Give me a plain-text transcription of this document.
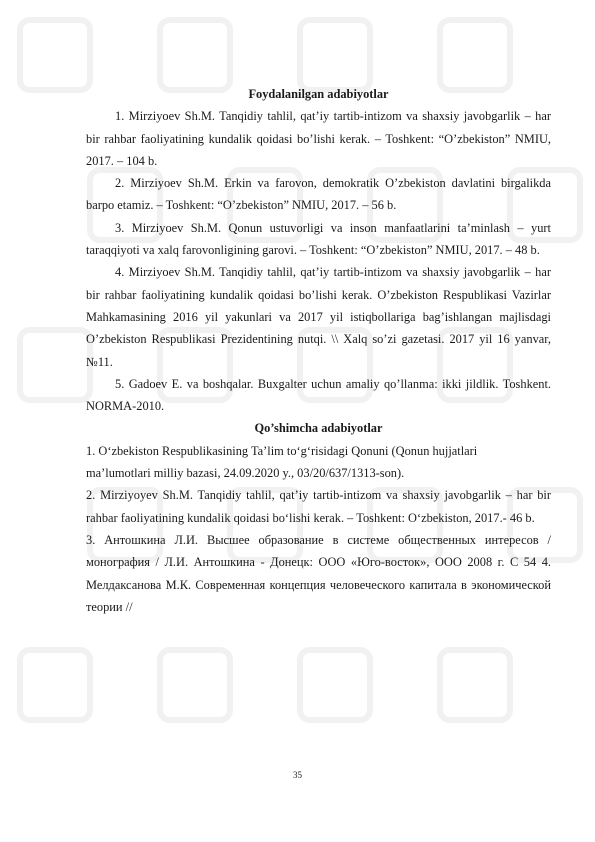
Foydalanilgan adabiyotlar

1. Mirziyoev Sh.M. Tanqidiy tahlil, qat’iy tartib-intizom va shaxsiy javobgarlik – har bir rahbar faoliyatining kundalik qoidasi bo’lishi kerak. – Toshkent: “O’zbekiston” NMIU, 2017. – 104 b.

2. Mirziyoev Sh.M. Erkin va farovon, demokratik O’zbekiston davlatini birgalikda barpo etamiz. – Toshkent: “O’zbekiston” NMIU, 2017. – 56 b.

3. Mirziyoev Sh.M. Qonun ustuvorligi va inson manfaatlarini ta’minlash – yurt taraqqiyoti va xalq farovonligining garovi. – Toshkent: “O’zbekiston” NMIU, 2017. – 48 b.

4. Mirziyoev Sh.M. Tanqidiy tahlil, qat’iy tartib-intizom va shaxsiy javobgarlik – har bir rahbar faoliyatining kundalik qoidasi bo’lishi kerak. O’zbekiston Respublikasi Vazirlar Mahkamasining 2016 yil yakunlari va 2017 yil istiqbollariga bag’ishlangan majlisdagi O’zbekiston Respublikasi Prezidentining nutqi. \\ Xalq so’zi gazetasi. 2017 yil 16 yanvar, №11.

5. Gadoev E. va boshqalar. Buxgalter uchun amaliy qo’llanma: ikki jildlik. Toshkent. NORMA-2010.

Qo’shimcha adabiyotlar

1. O‘zbekiston Respublikasining Ta’lim to‘g‘risidagi Qonuni (Qonun hujjatlari

ma’lumotlari milliy bazasi, 24.09.2020 y., 03/20/637/1313-son).

2. Mirziyoyev Sh.M. Tanqidiy tahlil, qat’iy tartib-intizom va shaxsiy javobgarlik – har bir rahbar faoliyatining kundalik qoidasi bo‘lishi kerak. – Toshkent: O‘zbekiston, 2017.- 46 b.

3. Антошкина Л.И. Высшее образование в системе общественных интересов / монография / Л.И. Антошкина - Донецк: ООО «Юго-восток», ООО 2008 г. С 54 4. Мелдаксанова М.К. Современная концепция человеческого капитала в экономической теории //

35
